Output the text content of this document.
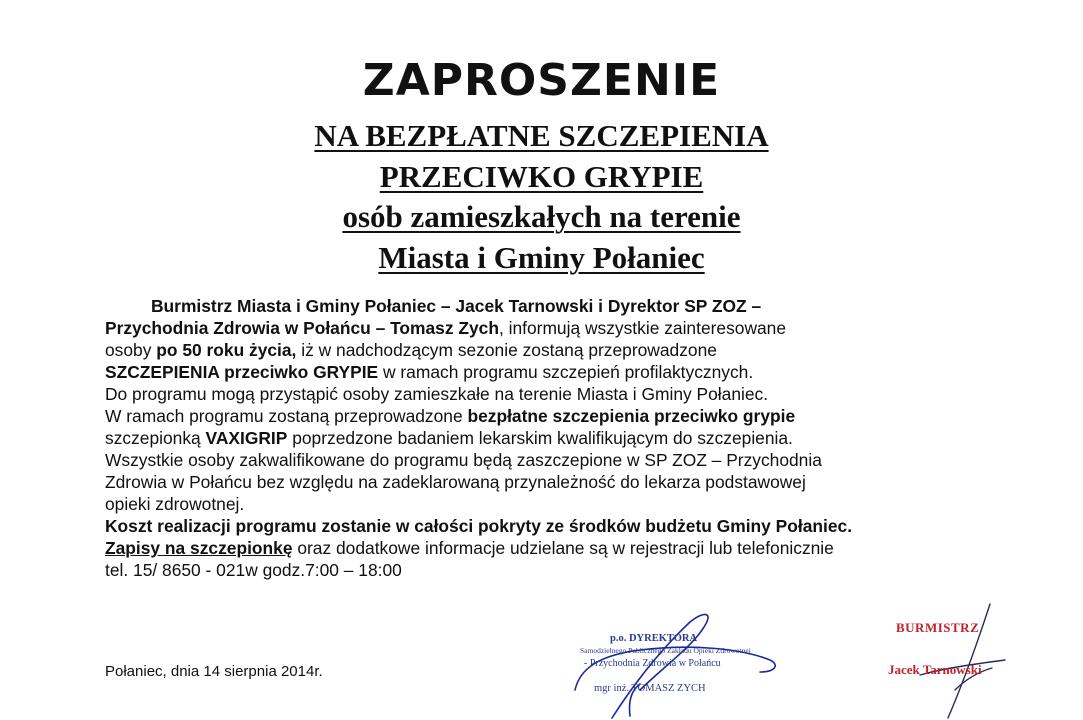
ZAPROSZENIE
NA BEZPŁATNE SZCZEPIENIA
PRZECIWKO GRYPIE
osób zamieszkałych na terenie
Miasta i Gminy Połaniec
Burmistrz Miasta i Gminy Połaniec – Jacek Tarnowski i Dyrektor SP ZOZ –
Przychodnia Zdrowia w Połańcu – Tomasz Zych, informują wszystkie zainteresowane
osoby po 50 roku życia, iż w nadchodzącym sezonie zostaną przeprowadzone
SZCZEPIENIA przeciwko GRYPIE w ramach programu szczepień profilaktycznych.
Do programu mogą przystąpić osoby zamieszkałe na terenie Miasta i Gminy Połaniec.
W ramach programu zostaną przeprowadzone bezpłatne szczepienia przeciwko grypie
szczepionką VAXIGRIP poprzedzone badaniem lekarskim kwalifikującym do szczepienia.
Wszystkie osoby zakwalifikowane do programu będą zaszczepione w SP ZOZ – Przychodnia
Zdrowia w Połańcu bez względu na zadeklarowaną przynależność do lekarza podstawowej
opieki zdrowotnej.
Koszt realizacji programu zostanie w całości pokryty ze środków budżetu Gminy Połaniec.
Zapisy na szczepionkę oraz dodatkowe informacje udzielane są w rejestracji lub telefonicznie
tel. 15/ 8650 - 021w godz.7:00 – 18:00
Połaniec, dnia 14 sierpnia 2014r.
p.o. DYREKTORA
Samodzielnego Publicznego Zakładu Opieki Zdrowotnej
- Przychodnia Zdrowia w Połańcu
mgr inż. TOMASZ ZYCH
BURMISTRZ
Jacek Tarnowski
